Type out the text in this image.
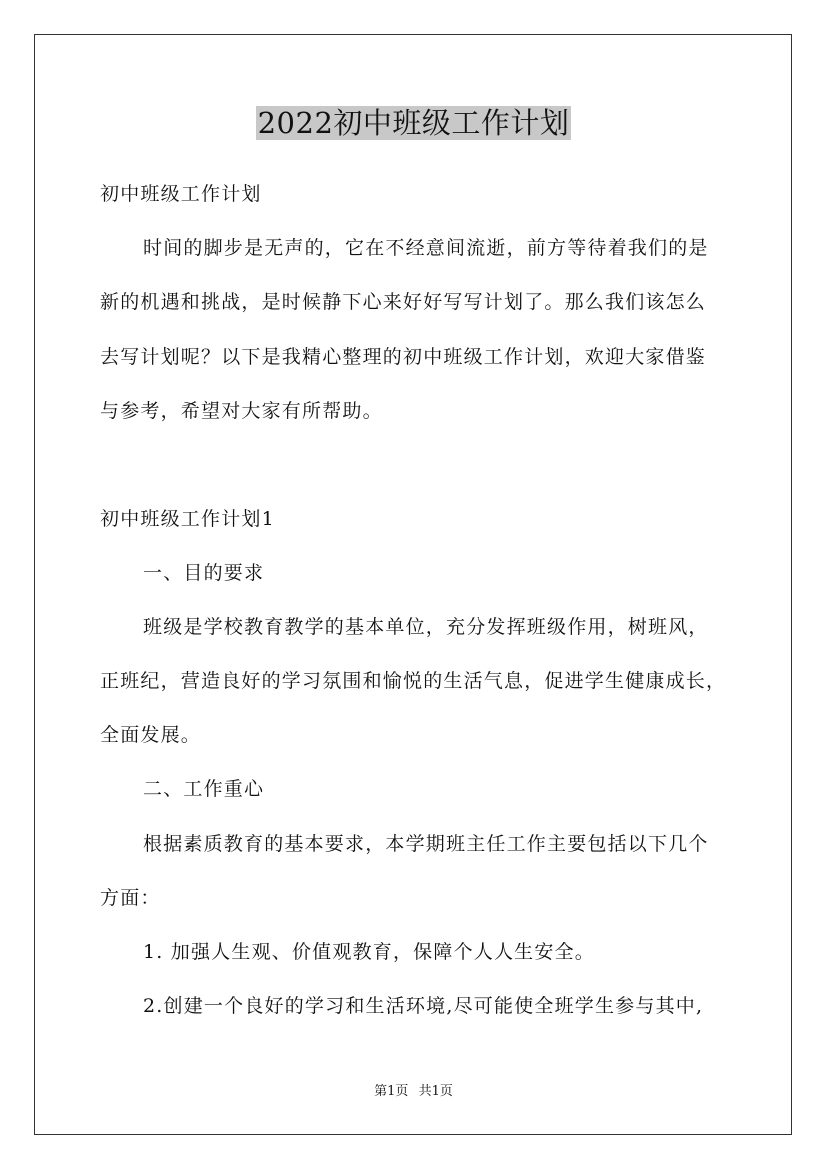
2022初中班级工作计划
初中班级工作计划
时间的脚步是无声的，它在不经意间流逝，前方等待着我们的是
新的机遇和挑战，是时候静下心来好好写写计划了。那么我们该怎么
去写计划呢？以下是我精心整理的初中班级工作计划，欢迎大家借鉴
与参考，希望对大家有所帮助。
初中班级工作计划1
一、目的要求
班级是学校教育教学的基本单位，充分发挥班级作用，树班风，
正班纪，营造良好的学习氛围和愉悦的生活气息，促进学生健康成长，
全面发展。
二、工作重心
根据素质教育的基本要求，本学期班主任工作主要包括以下几个
方面：
1. 加强人生观、价值观教育，保障个人人生安全。
2.创建一个良好的学习和生活环境,尽可能使全班学生参与其中,
第1页 共1页
